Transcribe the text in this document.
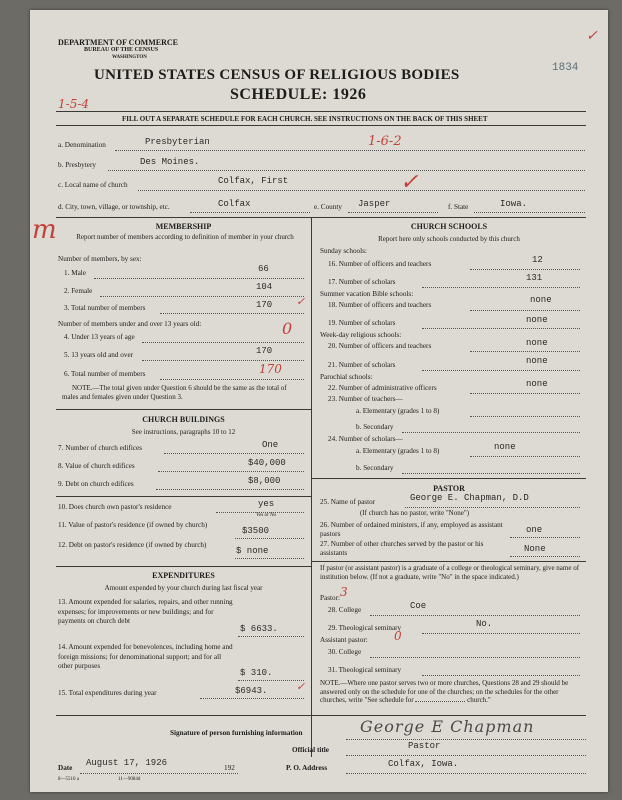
DEPARTMENT OF COMMERCE
BUREAU OF THE CENSUS
WASHINGTON
UNITED STATES CENSUS OF RELIGIOUS BODIES
SCHEDULE: 1926
1834
✓
1-5-4
FILL OUT A SEPARATE SCHEDULE FOR EACH CHURCH. SEE INSTRUCTIONS ON THE BACK OF THIS SHEET
a. Denomination	Presbyterian	1-6-2
b. Presbytery	Des Moines.
c. Local name of church	Colfax, First	✓
d. City, town, village, or township, etc.	Colfax	e. County Jasper	f. State	Iowa.
m	MEMBERSHIP
Report number of members according to definition of member in your church
Number of members, by sex:
1. Male	66
2. Female	104
3. Total number of members	170 ✓
Number of members under and over 13 years old:
4. Under 13 years of age	0
5. 13 years old and over	170
6. Total number of members	170
NOTE.—The total given under Question 6 should be the same as the total of males and females given under Question 3.
CHURCH BUILDINGS
See instructions, paragraphs 10 to 12
7. Number of church edifices	One
8. Value of church edifices	$40,000
9. Debt on church edifices	$8,000
10. Does church own pastor's residence	yes
Yes or No
11. Value of pastor's residence (if owned by church)
$3500
12. Debt on pastor's residence (if owned by church)
$ none
EXPENDITURES
Amount expended by your church during last fiscal year
13. Amount expended for salaries, repairs, and other running expenses; for improvements or new buildings; and for payments on church debt
$ 6633.
14. Amount expended for benevolences, including home and foreign missions; for denominational support; and for all other purposes
$ 310.
15. Total expenditures during year	$6943.	✓
CHURCH SCHOOLS
Report here only schools conducted by this church
Sunday schools:
16. Number of officers and teachers	12
17. Number of scholars	131
Summer vacation Bible schools:
18. Number of officers and teachers	none
19. Number of scholars	none
Week-day religious schools:
20. Number of officers and teachers	none
21. Number of scholars	none
Parochial schools:
22. Number of administrative officers	none
23. Number of teachers—
a. Elementary (grades 1 to 8)
b. Secondary
24. Number of scholars—
a. Elementary (grades 1 to 8)	none
b. Secondary
PASTOR
25. Name of pastor	George E. Chapman, D.D
(If church has no pastor, write "None")
26. Number of ordained ministers, if any, employed as assistant pastors	one
27. Number of other churches served by the pastor or his assistants	None
If pastor (or assistant pastor) is a graduate of a college or theological seminary, give name of institution below. (If not a graduate, write "No" in the space indicated.)
Pastor: 3
28. College	Coe
29. Theological seminary	No.
Assistant pastor: 0
30. College
31. Theological seminary
NOTE.—Where one pastor serves two or more churches, Questions 28 and 29 should be answered only on the schedule for one of the churches; on the schedules for the other churches, write "See schedule for	church."
Signature of person furnishing information	George E Chapman
Official title	Pastor
Date August 17, 1926	192	P. O. Address	Colfax, Iowa.
8—5510 a	11—9084d
